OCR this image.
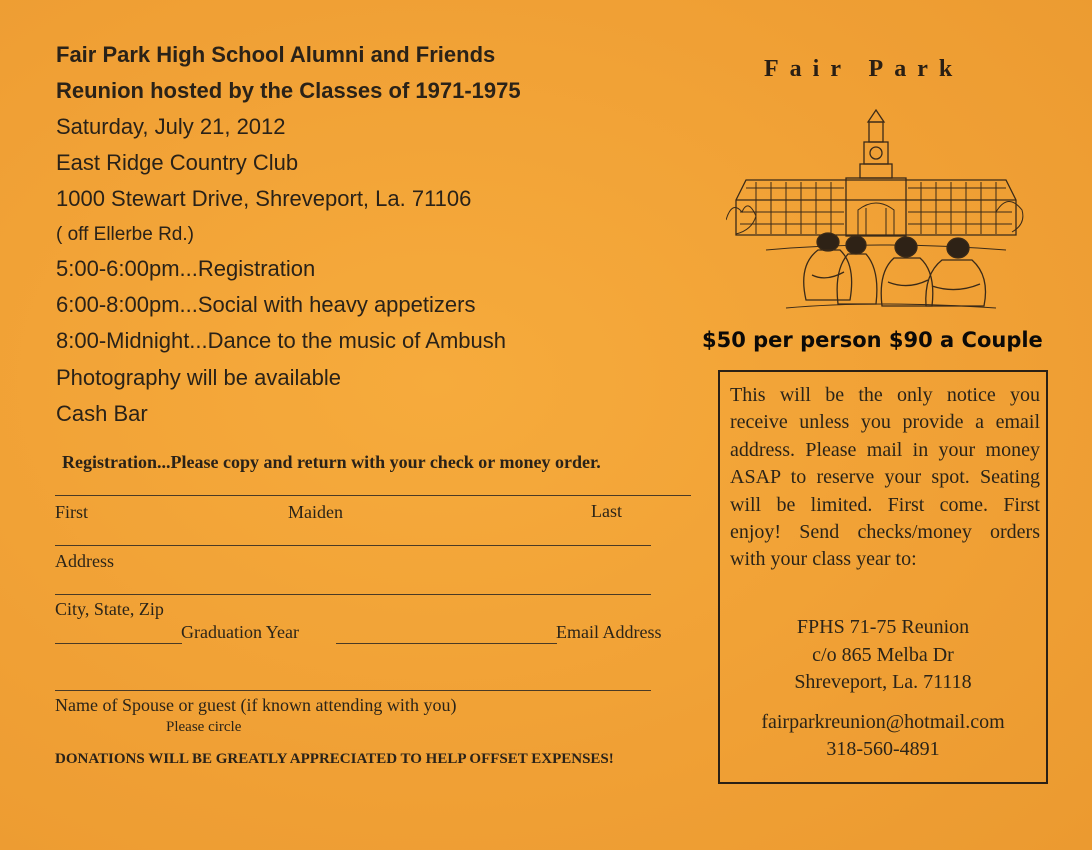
Fair Park High School Alumni and Friends
Reunion hosted by the Classes of 1971-1975
Saturday, July 21, 2012
East Ridge Country Club
1000 Stewart Drive, Shreveport, La. 71106
( off Ellerbe Rd.)
5:00-6:00pm...Registration
6:00-8:00pm...Social with heavy appetizers
8:00-Midnight...Dance to the music of Ambush
Photography will be available
Cash Bar
Registration...Please copy and return with your check or money order.
First	Maiden	Last
Address
City, State, Zip
Graduation Year	Email Address
Name of Spouse or guest (if known attending with you)
Please circle
DONATIONS WILL BE GREATLY APPRECIATED TO HELP OFFSET EXPENSES!
Fair Park
$50 per person $90 a Couple
This will be the only notice you receive unless you provide a email address. Please mail in your money ASAP to reserve your spot. Seating will be limited. First come. First enjoy! Send checks/money orders with your class year to:
FPHS 71-75 Reunion
c/o 865 Melba Dr
Shreveport, La. 71118
fairparkreunion@hotmail.com
318-560-4891
